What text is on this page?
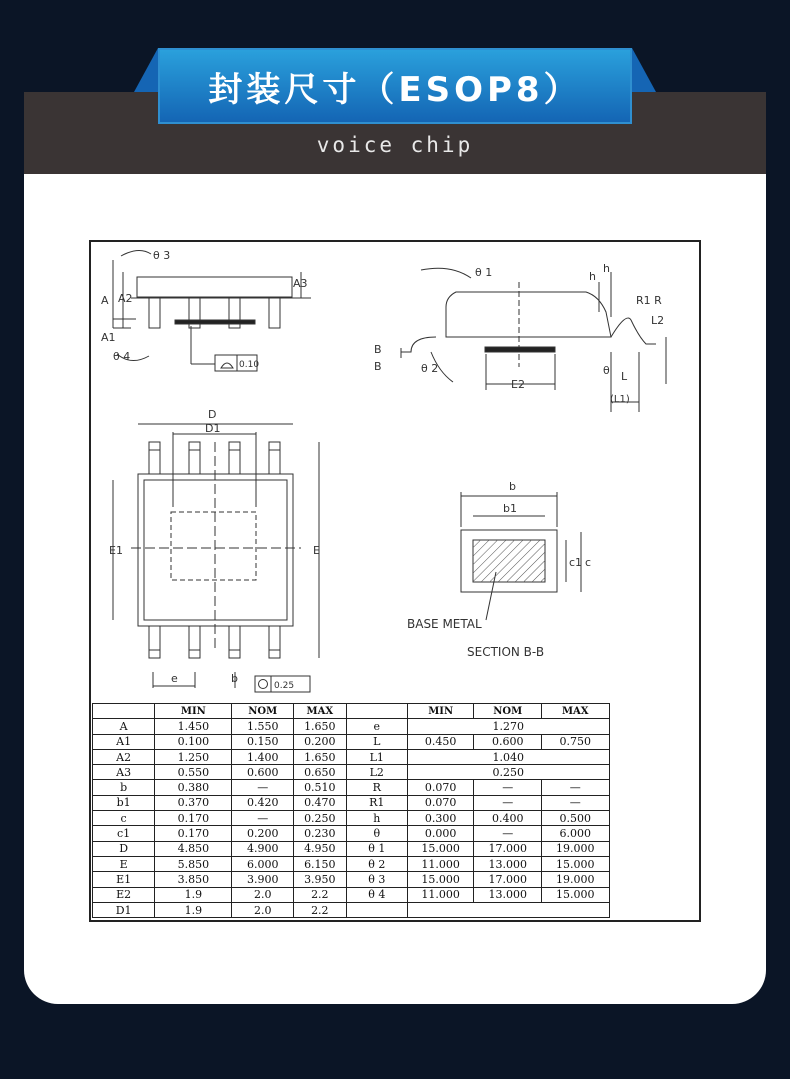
封装尺寸（ESOP8）
voice chip
θ 3
A A2
A1
A3
θ 4
0.10
θ 1	h
h
R1 R
L2
B
B	θ 2
E2
θ L
(L1)
D
D1
E1	E
e	b
0.25
b
b1
c1 c
BASE METAL
SECTION B-B
	MIN	NOM	MAX		MIN	NOM	MAX	
A	1.450	1.550	1.650	e	1.270			
A1	0.100	0.150	0.200	L	0.450	0.600	0.750	
A2	1.250	1.400	1.650	L1	1.040			
A3	0.550	0.600	0.650	L2	0.250			
b	0.380	—	0.510	R	0.070	—	—	
b1	0.370	0.420	0.470	R1	0.070	—	—	
c	0.170	—	0.250	h	0.300	0.400	0.500	
c1	0.170	0.200	0.230	θ	0.000	—	6.000	
D	4.850	4.900	4.950	θ 1	15.000	17.000	19.000	
E	5.850	6.000	6.150	θ 2	11.000	13.000	15.000	
E1	3.850	3.900	3.950	θ 3	15.000	17.000	19.000	
E2	1.9	2.0	2.2	θ 4	11.000	13.000	15.000	
D1	1.9	2.0	2.2					
